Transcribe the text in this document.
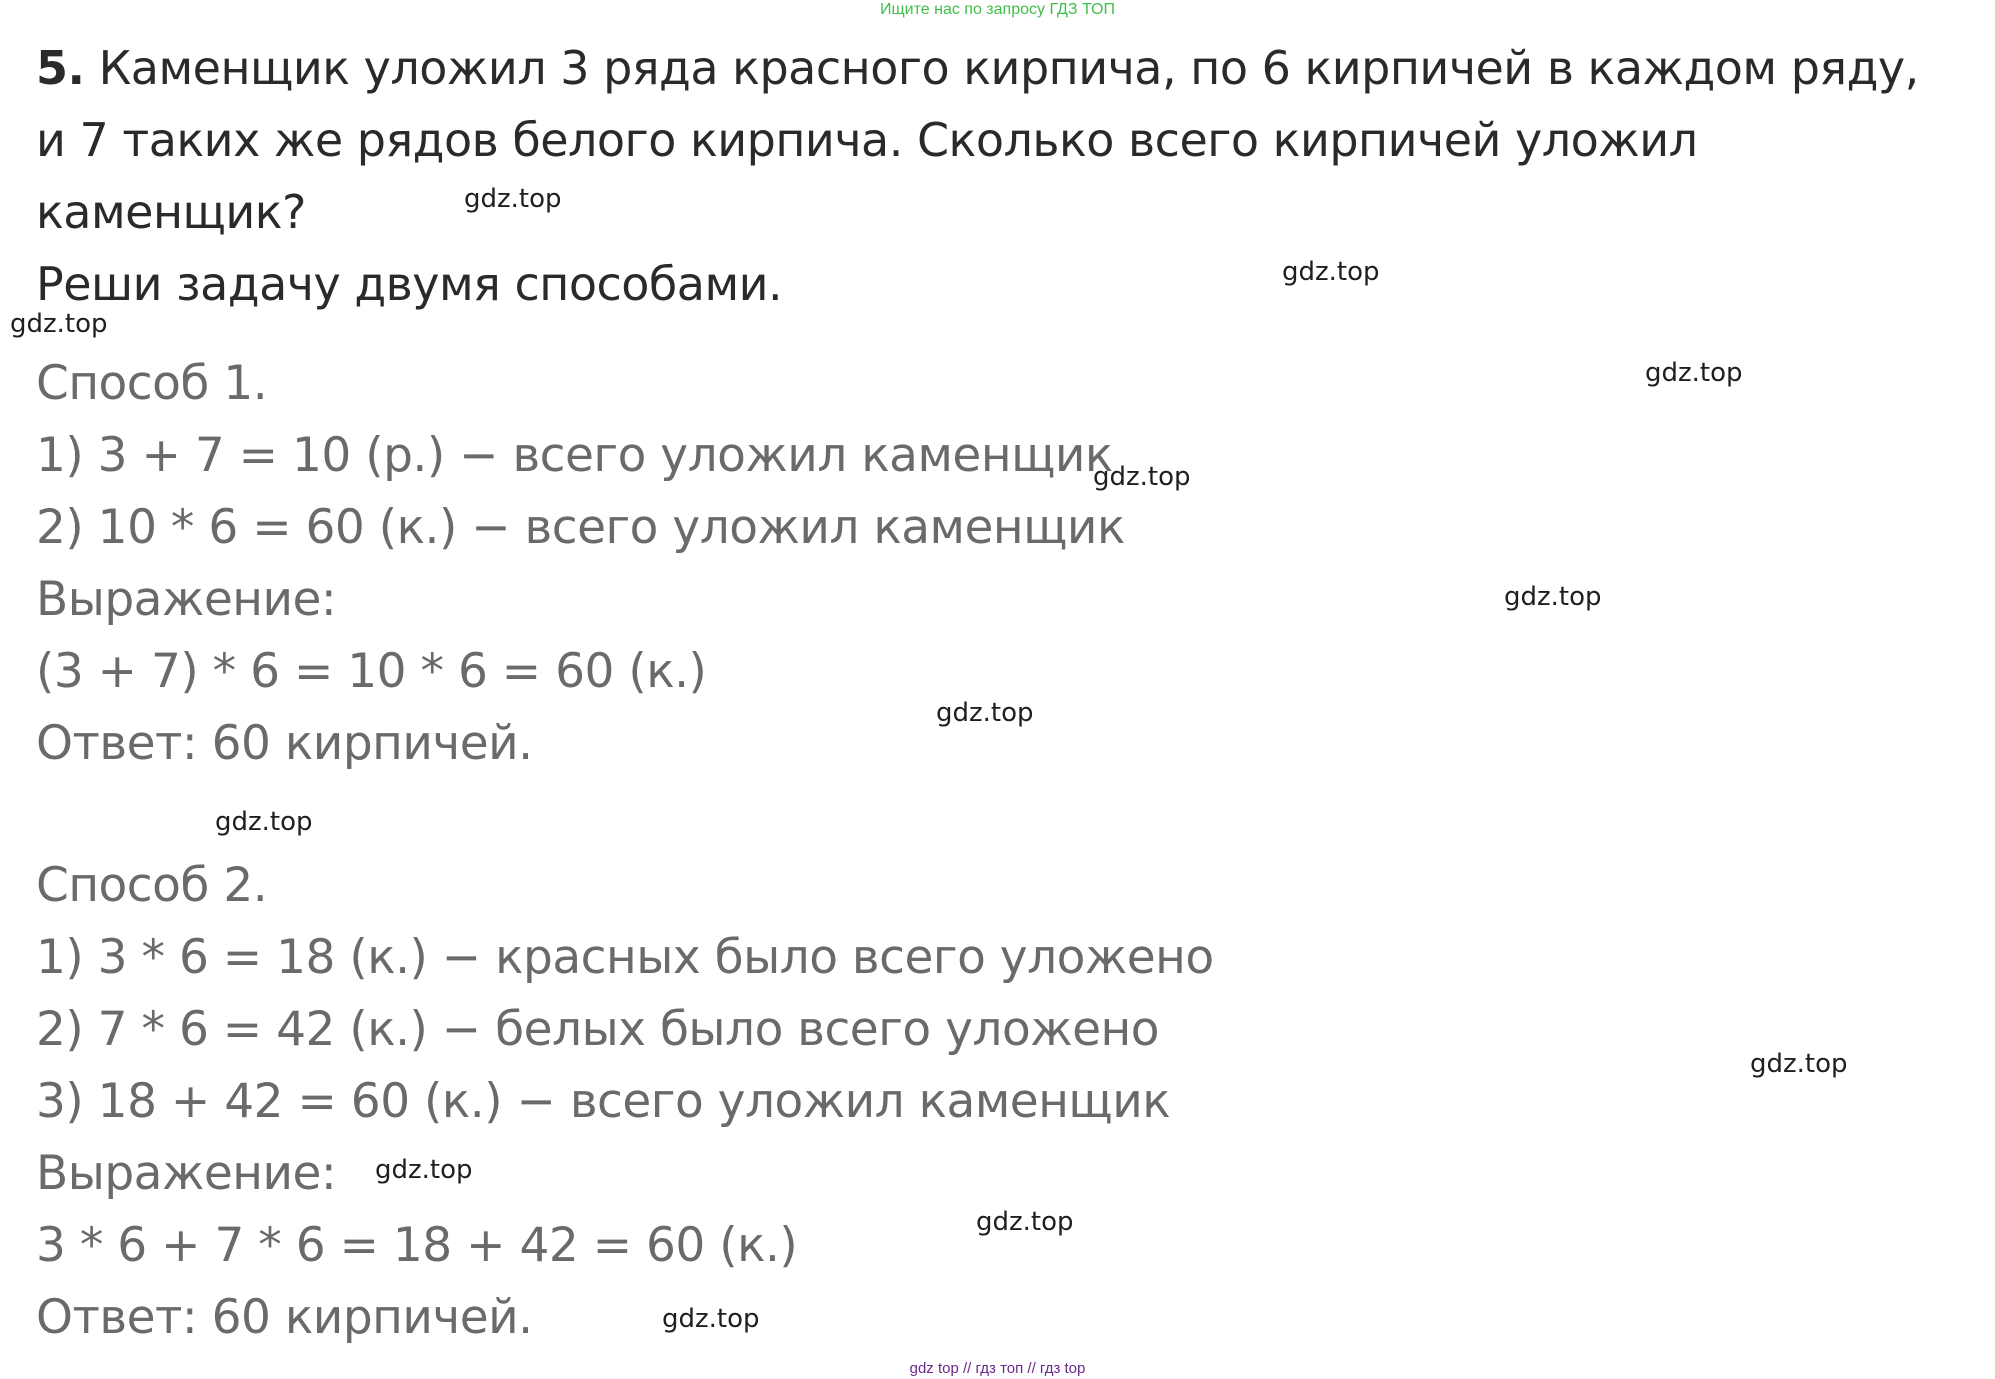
Ищите нас по запросу ГДЗ ТОП
5. Каменщик уложил 3 ряда красного кирпича, по 6 кирпичей в каждом ряду,
и 7 таких же рядов белого кирпича. Сколько всего кирпичей уложил
каменщик?
Реши задачу двумя способами.
Способ 1.
1) 3 + 7 = 10 (р.) − всего уложил каменщик
2) 10 * 6 = 60 (к.) − всего уложил каменщик
Выражение:
(3 + 7) * 6 = 10 * 6 = 60 (к.)
Ответ: 60 кирпичей.
Способ 2.
1) 3 * 6 = 18 (к.) − красных было всего уложено
2) 7 * 6 = 42 (к.) − белых было всего уложено
3) 18 + 42 = 60 (к.) − всего уложил каменщик
Выражение:
3 * 6 + 7 * 6 = 18 + 42 = 60 (к.)
Ответ: 60 кирпичей.
gdz.top
gdz.top
gdz.top
gdz.top
gdz.top
gdz.top
gdz.top
gdz.top
gdz.top
gdz.top
gdz.top
gdz.top
gdz top // гдз топ // гдз top
